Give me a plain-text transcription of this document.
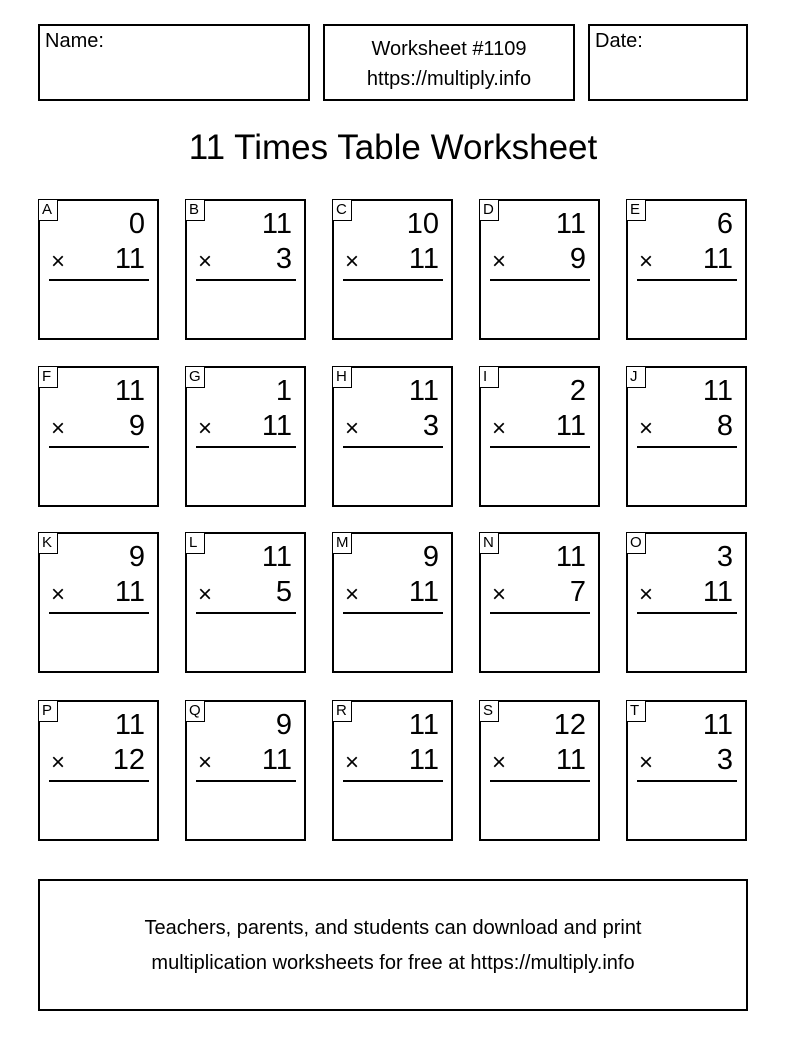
Name:	Worksheet #1109
https://multiply.info
Date:
11 Times Table Worksheet
A	0
× 11
B 11
× 3
C 10
× 11
D 11
× 9
E	6
× 11
F 11
× 9
G	1
× 11
H 11
× 3
I	2
× 11
J 11
× 8
K	9
× 11
L 11
× 5
M	9
× 11
N 11
× 7
O	3
× 11
P 11
× 12
Q	9
× 11
R 11
× 11
S 12
× 11
T 11
× 3
Teachers, parents, and students can download and print
multiplication worksheets for free at https://multiply.info
